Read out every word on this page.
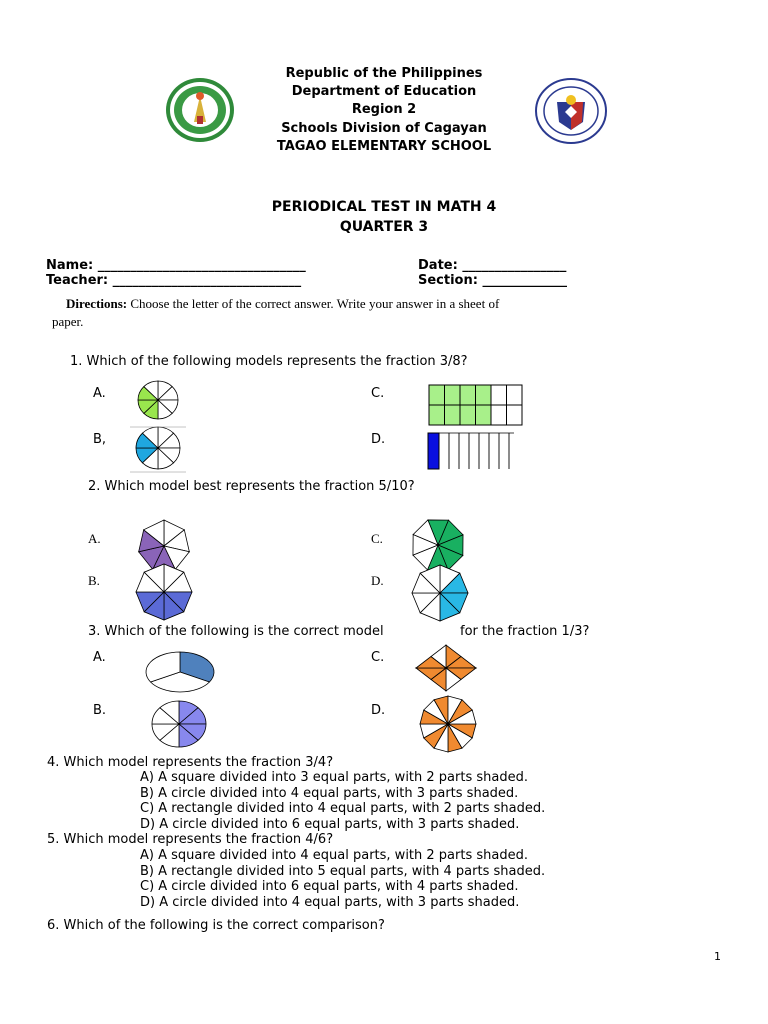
Republic of the Philippines
Department of Education
Region 2
Schools Division of Cagayan
TAGAO ELEMENTARY SCHOOL
PERIODICAL TEST IN MATH 4
QUARTER 3
Name: ________________________________	Date: ________________
Teacher: _____________________________	Section: _____________
Directions: Choose the letter of the correct answer. Write your answer in a sheet of
paper.
1. Which of the following models represents the fraction 3/8?
A.
B,
C.
D.
2. Which model best represents the fraction 5/10?
A.
B.
C.
D.
3. Which of the following is the correct model	for the fraction 1/3?
A.
B.
C.
D.
4. Which model represents the fraction 3/4?
A) A square divided into 3 equal parts, with 2 parts shaded.
B) A circle divided into 4 equal parts, with 3 parts shaded.
C) A rectangle divided into 4 equal parts, with 2 parts shaded.
D) A circle divided into 6 equal parts, with 3 parts shaded.
5. Which model represents the fraction 4/6?
A) A square divided into 4 equal parts, with 2 parts shaded.
B) A rectangle divided into 5 equal parts, with 4 parts shaded.
C) A circle divided into 6 equal parts, with 4 parts shaded.
D) A circle divided into 4 equal parts, with 3 parts shaded.
6. Which of the following is the correct comparison?
1
